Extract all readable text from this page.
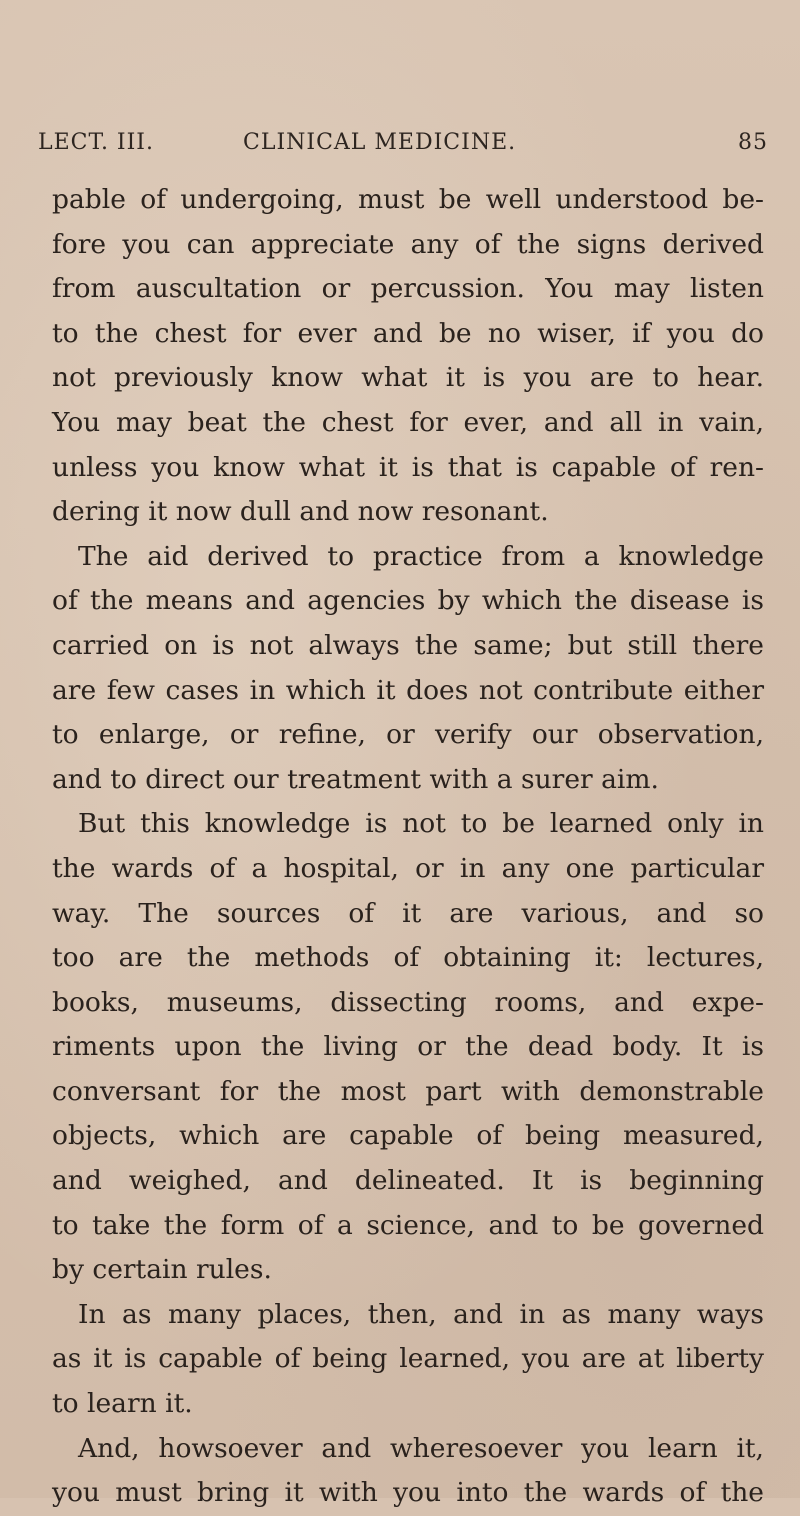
LECT. III.	CLINICAL MEDICINE.	85
pable of undergoing, must be well understood be-
fore you can appreciate any of the signs derived
from auscultation or percussion. You may listen
to the chest for ever and be no wiser, if you do
not previously know what it is you are to hear.
You may beat the chest for ever, and all in vain,
unless you know what it is that is capable of ren-
dering it now dull and now resonant.
The aid derived to practice from a knowledge
of the means and agencies by which the disease is
carried on is not always the same; but still there
are few cases in which it does not contribute either
to enlarge, or refine, or verify our observation,
and to direct our treatment with a surer aim.
But this knowledge is not to be learned only in
the wards of a hospital, or in any one particular
way. The sources of it are various, and so
too are the methods of obtaining it: lectures,
books, museums, dissecting rooms, and expe-
riments upon the living or the dead body. It is
conversant for the most part with demonstrable
objects, which are capable of being measured,
and weighed, and delineated. It is beginning
to take the form of a science, and to be governed
by certain rules.
In as many places, then, and in as many ways
as it is capable of being learned, you are at liberty
to learn it.
And, howsoever and wheresoever you learn it,
you must bring it with you into the wards of the
